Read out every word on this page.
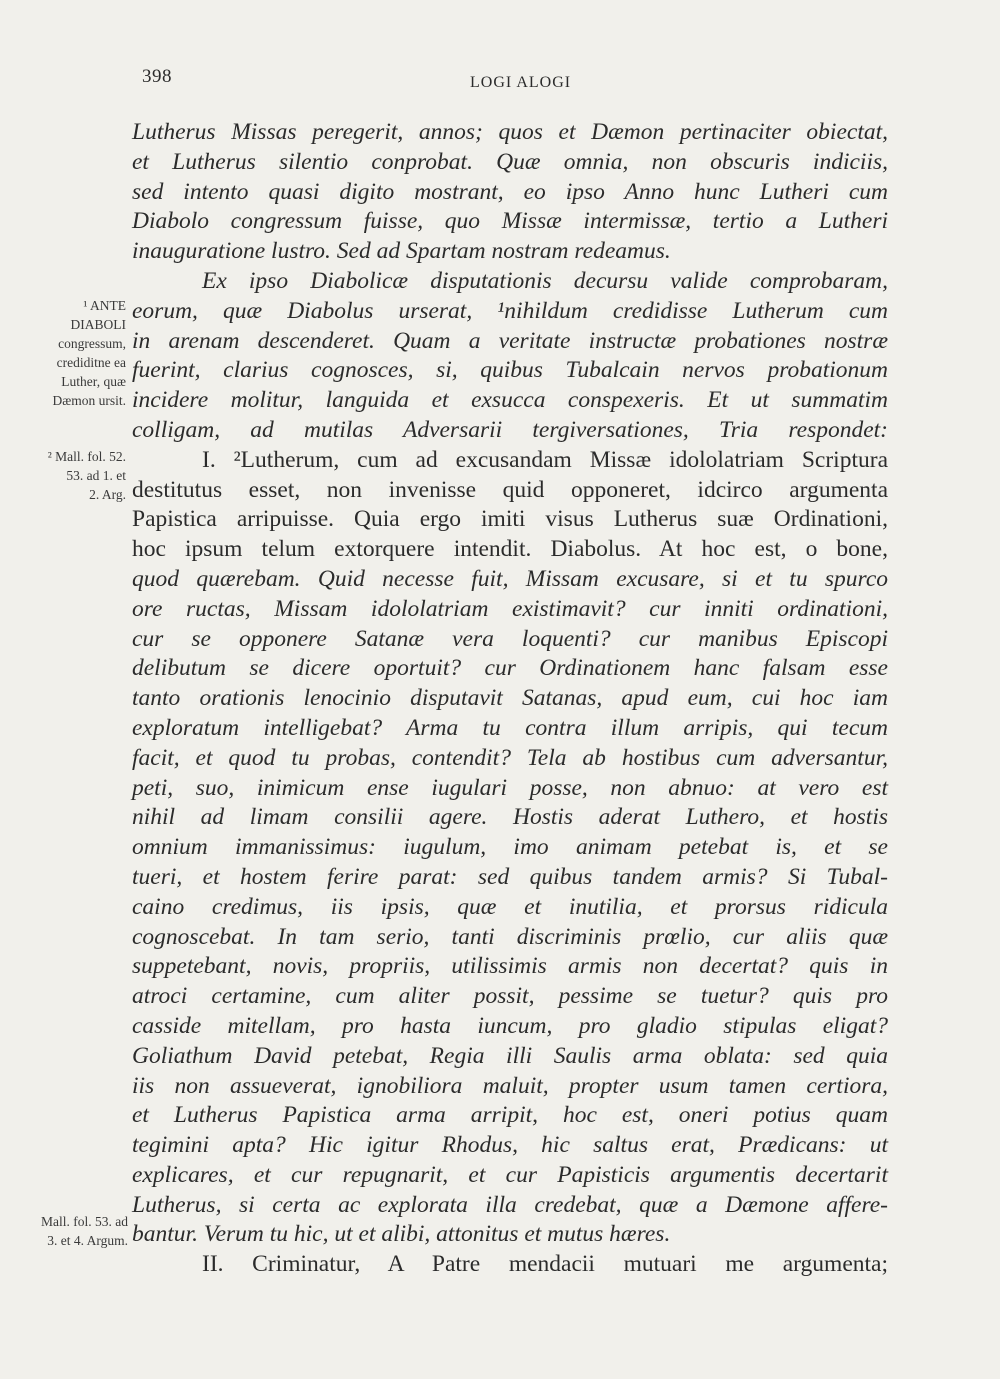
398	LOGI ALOGI
¹ ANTE
DIABOLI
congressum,
crediditne ea
Luther, quæ
Dæmon ursit.
² Mall. fol. 52.
53. ad 1. et
2. Arg.
Mall. fol. 53. ad
3. et 4. Argum.
Lutherus Missas peregerit, annos; quos et Dæmon pertinaciter obiectat,
et Lutherus silentio conprobat. Quæ omnia, non obscuris indiciis,
sed intento quasi digito mostrant, eo ipso Anno hunc Lutheri cum
Diabolo congressum fuisse, quo Missæ intermissæ, tertio a Lutheri
inauguratione lustro. Sed ad Spartam nostram redeamus.
Ex ipso Diabolicæ disputationis decursu valide comprobaram,
eorum, quæ Diabolus urserat, ¹nihildum credidisse Lutherum cum
in arenam descenderet. Quam a veritate instructæ probationes nostræ
fuerint, clarius cognosces, si, quibus Tubalcain nervos probationum
incidere molitur, languida et exsucca conspexeris. Et ut summatim
colligam, ad mutilas Adversarii tergiversationes, Tria respondet:
I. ²Lutherum, cum ad excusandam Missæ idololatriam Scriptura
destitutus esset, non invenisse quid opponeret, idcirco argumenta
Papistica arripuisse. Quia ergo imiti visus Lutherus suæ Ordinationi,
hoc ipsum telum extorquere intendit. Diabolus. At hoc est, o bone,
quod quærebam. Quid necesse fuit, Missam excusare, si et tu spurco
ore ructas, Missam idololatriam existimavit? cur inniti ordinationi,
cur se opponere Satanæ vera loquenti? cur manibus Episcopi
delibutum se dicere oportuit? cur Ordinationem hanc falsam esse
tanto orationis lenocinio disputavit Satanas, apud eum, cui hoc iam
exploratum intelligebat? Arma tu contra illum arripis, qui tecum
facit, et quod tu probas, contendit? Tela ab hostibus cum adversantur,
peti, suo, inimicum ense iugulari posse, non abnuo: at vero est
nihil ad limam consilii agere. Hostis aderat Luthero, et hostis
omnium immanissimus: iugulum, imo animam petebat is, et se
tueri, et hostem ferire parat: sed quibus tandem armis? Si Tubal-
caino credimus, iis ipsis, quæ et inutilia, et prorsus ridicula
cognoscebat. In tam serio, tanti discriminis prœlio, cur aliis quæ
suppetebant, novis, propriis, utilissimis armis non decertat? quis in
atroci certamine, cum aliter possit, pessime se tuetur? quis pro
casside mitellam, pro hasta iuncum, pro gladio stipulas eligat?
Goliathum David petebat, Regia illi Saulis arma oblata: sed quia
iis non assueverat, ignobiliora maluit, propter usum tamen certiora,
et Lutherus Papistica arma arripit, hoc est, oneri potius quam
tegimini apta? Hic igitur Rhodus, hic saltus erat, Prædicans: ut
explicares, et cur repugnarit, et cur Papisticis argumentis decertarit
Lutherus, si certa ac explorata illa credebat, quæ a Dæmone affere-
bantur. Verum tu hic, ut et alibi, attonitus et mutus hæres.
II. Criminatur, A Patre mendacii mutuari me argumenta;
